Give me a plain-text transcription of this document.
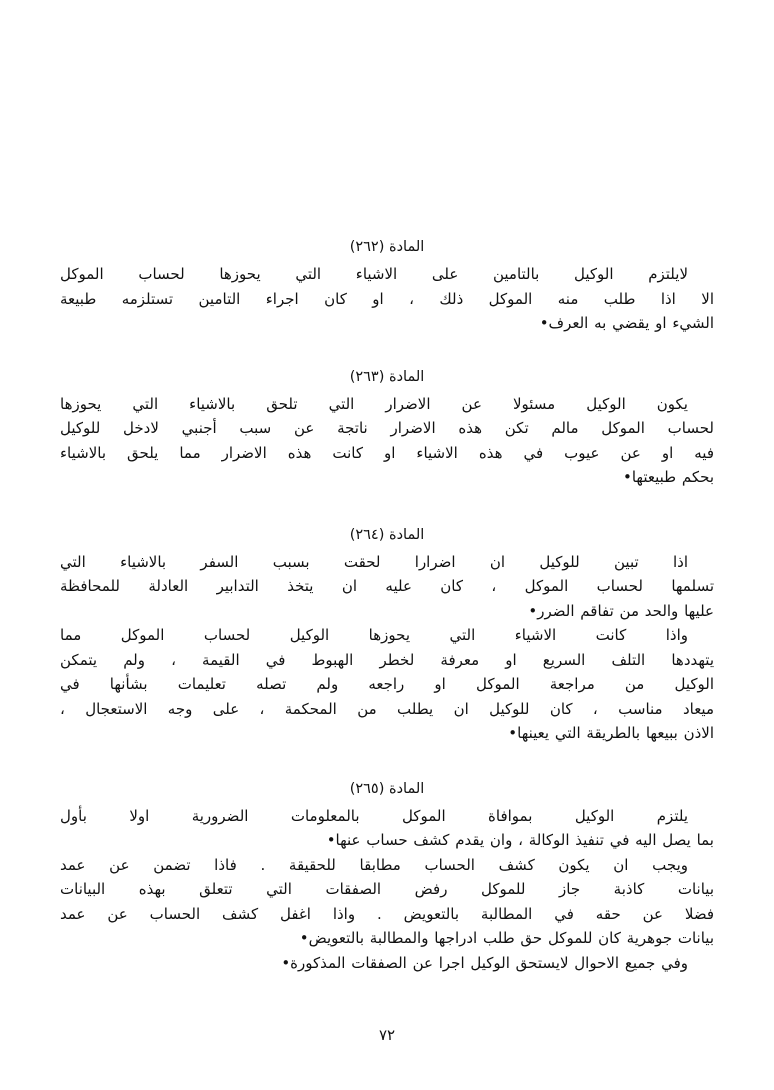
المادة (٢٦٢)
لايلتزم الوكيل بالتامين على الاشياء التي يحوزها لحساب الموكل
الا اذا طلب منه الموكل ذلك ، او كان اجراء التامين تستلزمه طبيعة
الشيء او يقضي به العرف•
المادة (٢٦٣)
يكون الوكيل مسئولا عن الاضرار التي تلحق بالاشياء التي يحوزها
لحساب الموكل مالم تكن هذه الاضرار ناتجة عن سبب أجنبي لادخل للوكيل
فيه او عن عيوب في هذه الاشياء او كانت هذه الاضرار مما يلحق بالاشياء
بحكم طبيعتها•
المادة (٢٦٤)
اذا تبين للوكيل ان اضرارا لحقت بسبب السفر بالاشياء التي
تسلمها لحساب الموكل ، كان عليه ان يتخذ التدابير العادلة للمحافظة
عليها والحد من تفاقم الضرر•
واذا كانت الاشياء التي يحوزها الوكيل لحساب الموكل مما
يتهددها التلف السريع او معرفة لخطر الهبوط في القيمة ، ولم يتمكن
الوكيل من مراجعة الموكل او راجعه ولم تصله تعليمات بشأنها في
ميعاد مناسب ، كان للوكيل ان يطلب من المحكمة ، على وجه الاستعجال ،
الاذن ببيعها بالطريقة التي يعينها•
المادة (٢٦٥)
يلتزم الوكيل بموافاة الموكل بالمعلومات الضرورية اولا بأول
بما يصل اليه في تنفيذ الوكالة ، وان يقدم كشف حساب عنها•
ويجب ان يكون كشف الحساب مطابقا للحقيقة . فاذا تضمن عن عمد
بيانات كاذبة جاز للموكل رفض الصفقات التي تتعلق بهذه البيانات
فضلا عن حقه في المطالبة بالتعويض . واذا اغفل كشف الحساب عن عمد
بيانات جوهرية كان للموكل حق طلب ادراجها والمطالبة بالتعويض•
وفي جميع الاحوال لايستحق الوكيل اجرا عن الصفقات المذكورة•
٧٢
